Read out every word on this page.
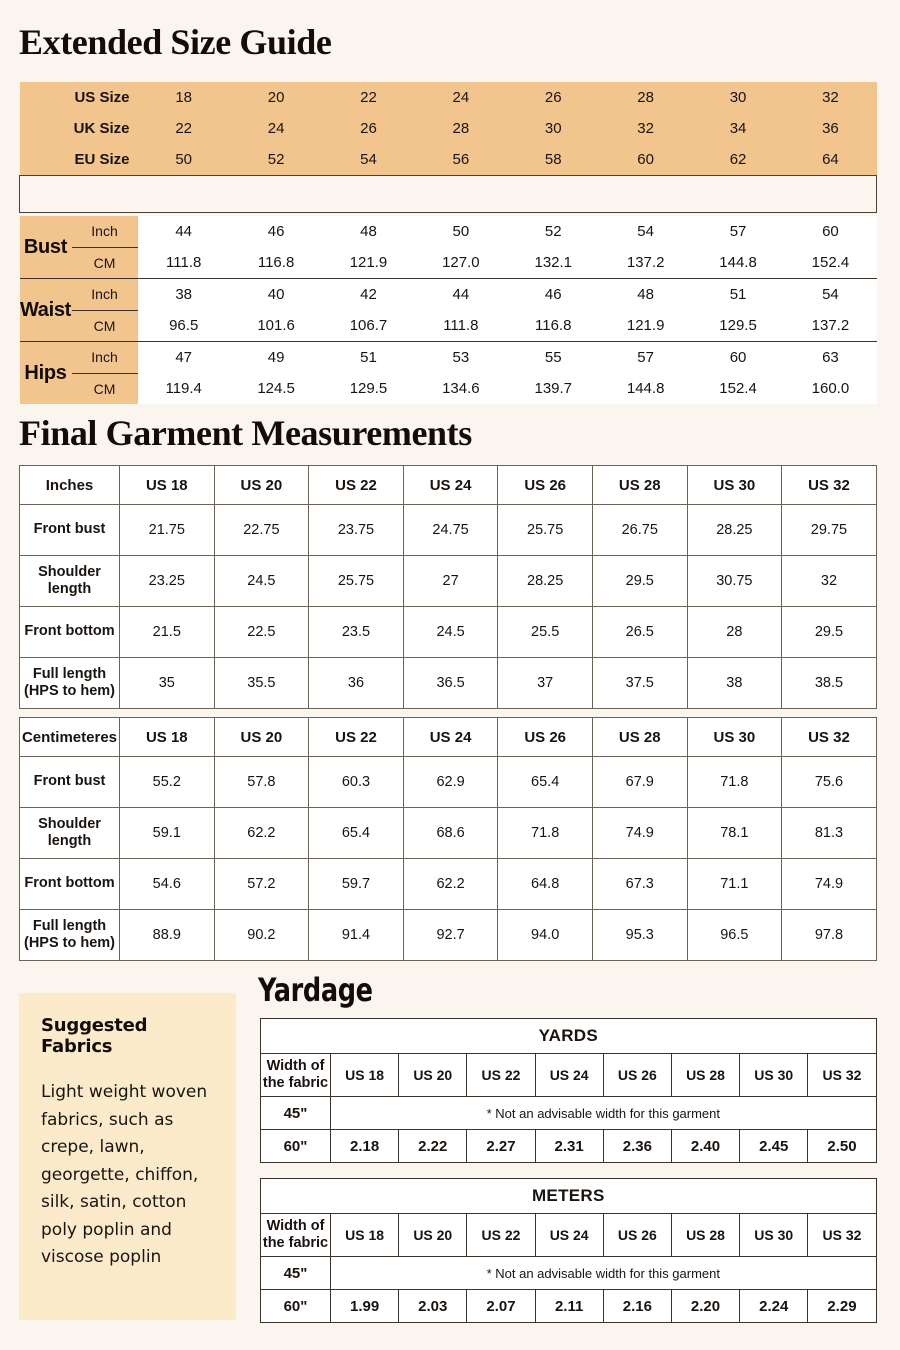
Extended Size Guide
Final Garment Measurements
Yardage
US Size		18	20	22	24	26	28	30	32
UK Size		22	24	26	28	30	32	34	36
EU Size		50	52	54	56	58	60	62	64

Bust	Inch	44	46	48	50	52	54	57	60
	CM	111.8	116.8	121.9	127.0	132.1	137.2	144.8	152.4
Waist	Inch	38	40	42	44	46	48	51	54
	CM	96.5	101.6	106.7	111.8	116.8	121.9	129.5	137.2
Hips	Inch	47	49	51	53	55	57	60	63
	CM	119.4	124.5	129.5	134.6	139.7	144.8	152.4	160.0
Inches	US 18	US 20	US 22	US 24	US 26	US 28	US 30	US 32
Front bust	21.75	22.75	23.75	24.75	25.75	26.75	28.25	29.75
Shoulder
length	23.25	24.5	25.75	27	28.25	29.5	30.75	32
Front bottom	21.5	22.5	23.5	24.5	25.5	26.5	28	29.5
Full length
(HPS to hem)	35	35.5	36	36.5	37	37.5	38	38.5
Centimeteres	US 18	US 20	US 22	US 24	US 26	US 28	US 30	US 32
Front bust	55.2	57.8	60.3	62.9	65.4	67.9	71.8	75.6
Shoulder
length	59.1	62.2	65.4	68.6	71.8	74.9	78.1	81.3
Front bottom	54.6	57.2	59.7	62.2	64.8	67.3	71.1	74.9
Full length
(HPS to hem)	88.9	90.2	91.4	92.7	94.0	95.3	96.5	97.8

Suggested Fabrics

Light weight woven fabrics, such as crepe, lawn, georgette, chiffon, silk, satin, cotton poly poplin and viscose poplin

YARDS								
Width of
the fabric	US 18	US 20	US 22	US 24	US 26	US 28	US 30	US 32
45"	* Not an advisable width for this garment							
60"	2.18	2.22	2.27	2.31	2.36	2.40	2.45	2.50
METERS								
Width of
the fabric	US 18	US 20	US 22	US 24	US 26	US 28	US 30	US 32
45"	* Not an advisable width for this garment							
60"	1.99	2.03	2.07	2.11	2.16	2.20	2.24	2.29
